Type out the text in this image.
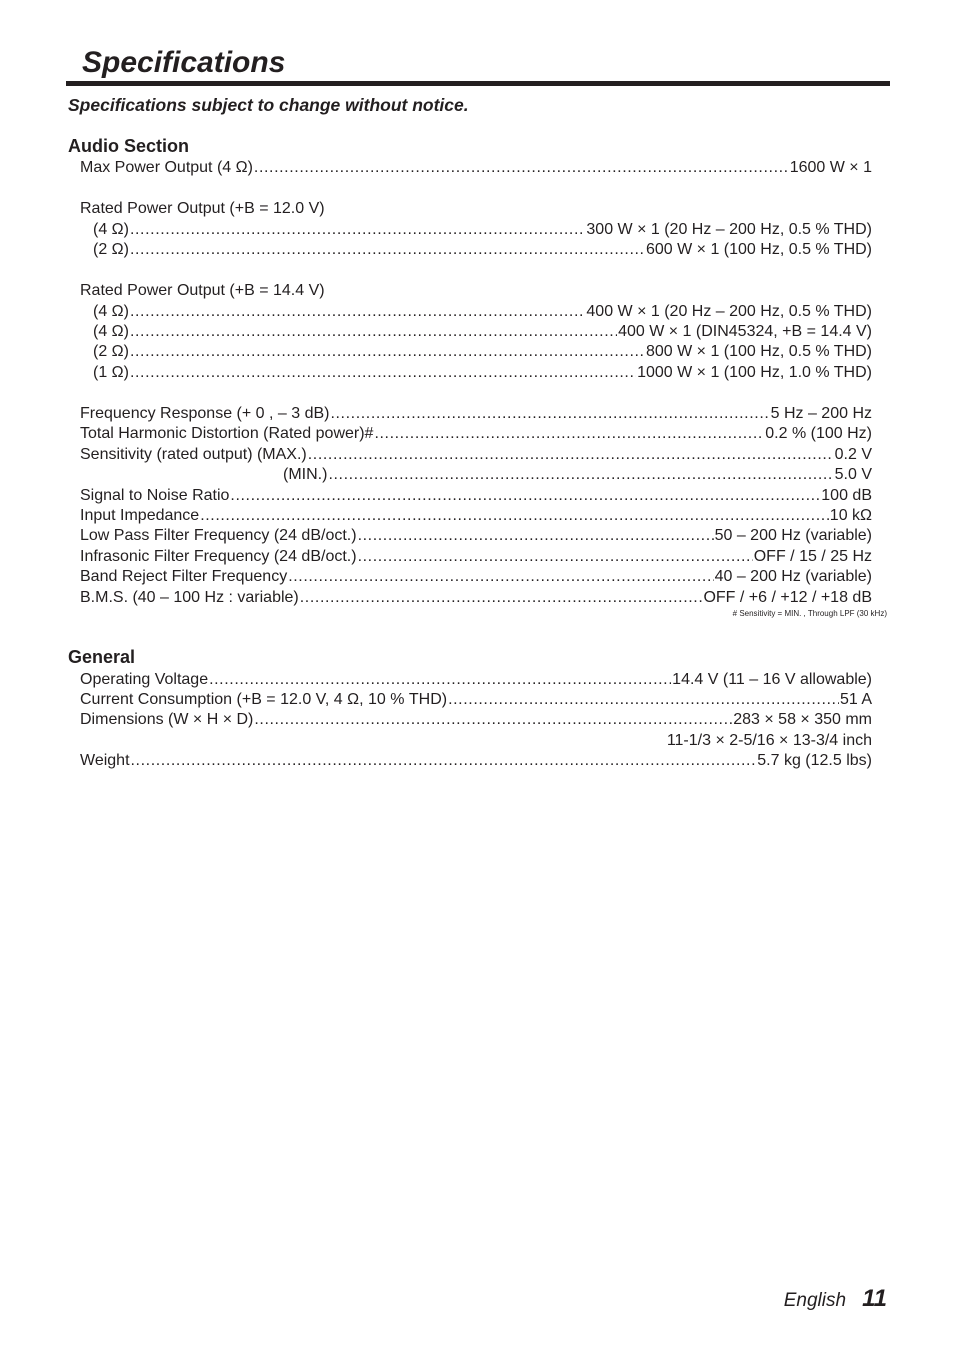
Specifications
Specifications subject to change without notice.
Audio Section
Max Power Output (4 Ω) .....	1600 W × 1
Rated Power Output (+B = 12.0 V)
(4 Ω) .....	300 W × 1 (20 Hz – 200 Hz, 0.5 % THD)
(2 Ω) .....	600 W × 1 (100 Hz, 0.5 % THD)
Rated Power Output (+B = 14.4 V)
(4 Ω) .....	400 W × 1 (20 Hz – 200 Hz, 0.5 % THD)
(4 Ω) .....	400 W × 1 (DIN45324, +B = 14.4 V)
(2 Ω) .....	800 W × 1 (100 Hz, 0.5 % THD)
(1 Ω) .....	1000 W × 1 (100 Hz, 1.0 % THD)
Frequency Response (+ 0 , – 3 dB) .....	5 Hz – 200 Hz
Total Harmonic Distortion (Rated power)# .....	0.2 % (100 Hz)
Sensitivity (rated output) (MAX.) .....	0.2 V
(MIN.) .....	5.0 V
Signal to Noise Ratio .....	100 dB
Input Impedance .....	10 kΩ
Low Pass Filter Frequency (24 dB/oct.) .....	50 – 200 Hz (variable)
Infrasonic Filter Frequency (24 dB/oct.) .....	OFF / 15 / 25 Hz
Band Reject Filter Frequency .....	40 – 200 Hz (variable)
B.M.S. (40 – 100 Hz : variable) .....	OFF / +6 / +12 / +18 dB
# Sensitivity = MIN. , Through LPF (30 kHz)
General
Operating Voltage .....	14.4 V (11 – 16 V allowable)
Current Consumption (+B = 12.0 V, 4 Ω, 10 % THD) .....	51 A
Dimensions (W × H × D) .....	283 × 58 × 350 mm
11-1/3 × 2-5/16 × 13-3/4 inch
Weight .....	5.7 kg (12.5 lbs)
English 11
